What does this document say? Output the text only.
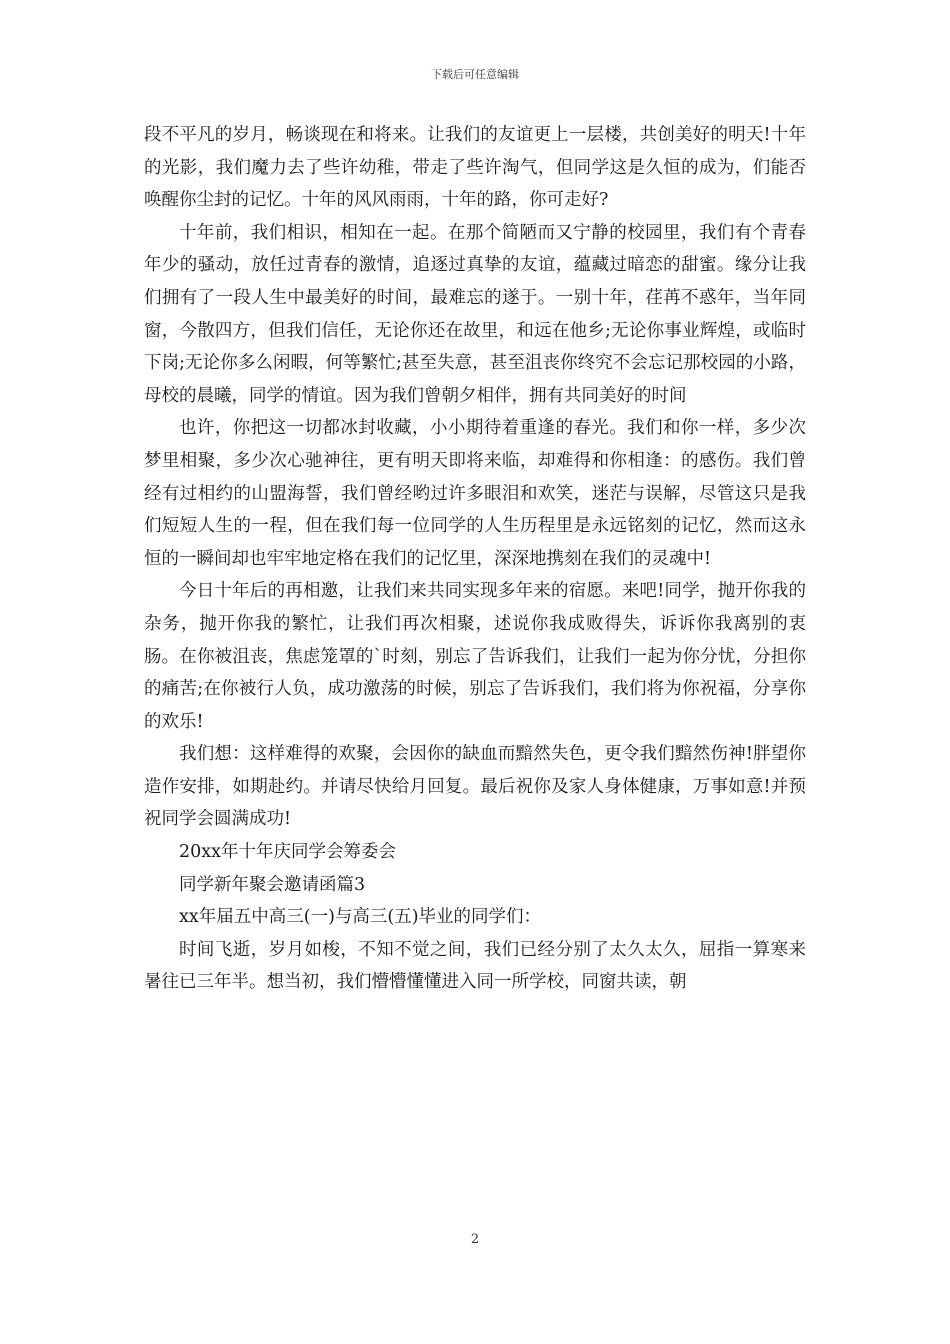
下载后可任意编辑

段不平凡的岁月，畅谈现在和将来。让我们的友谊更上一层楼，共创美好的明天!十年的光影，我们魔力去了些许幼稚，带走了些许淘气，但同学这是久恒的成为，们能否唤醒你尘封的记忆。十年的风风雨雨，十年的路，你可走好?

十年前，我们相识，相知在一起。在那个简陋而又宁静的校园里，我们有个青春年少的骚动，放任过青春的激情，追逐过真挚的友谊，蕴藏过暗恋的甜蜜。缘分让我们拥有了一段人生中最美好的时间，最难忘的遂于。一别十年，荏苒不惑年，当年同窗，今散四方，但我们信任，无论你还在故里，和远在他乡;无论你事业辉煌，或临时下岗;无论你多么闲暇，何等繁忙;甚至失意，甚至沮丧你终究不会忘记那校园的小路，母校的晨曦，同学的情谊。因为我们曾朝夕相伴，拥有共同美好的时间

也许，你把这一切都冰封收藏，小小期待着重逢的春光。我们和你一样，多少次梦里相聚，多少次心驰神往，更有明天即将来临，却难得和你相逢：的感伤。我们曾经有过相约的山盟海誓，我们曾经哟过许多眼泪和欢笑，迷茫与误解，尽管这只是我们短短人生的一程，但在我们每一位同学的人生历程里是永远铭刻的记忆，然而这永恒的一瞬间却也牢牢地定格在我们的记忆里，深深地携刻在我们的灵魂中!

今日十年后的再相邀，让我们来共同实现多年来的宿愿。来吧!同学，抛开你我的杂务，抛开你我的繁忙，让我们再次相聚，述说你我成败得失，诉诉你我离别的衷肠。在你被沮丧，焦虑笼罩的`时刻，别忘了告诉我们，让我们一起为你分忧，分担你的痛苦;在你被行人负，成功激荡的时候，别忘了告诉我们，我们将为你祝福，分享你的欢乐!

我们想：这样难得的欢聚，会因你的缺血而黯然失色，更令我们黯然伤神!胖望你造作安排，如期赴约。并请尽快给月回复。最后祝你及家人身体健康，万事如意!并预祝同学会圆满成功!

20xx年十年庆同学会筹委会

同学新年聚会邀请函篇3

xx年届五中高三(一)与高三(五)毕业的同学们：

时间飞逝，岁月如梭，不知不觉之间，我们已经分别了太久太久，屈指一算寒来暑往已三年半。想当初，我们懵懵懂懂进入同一所学校，同窗共读，朝

2
